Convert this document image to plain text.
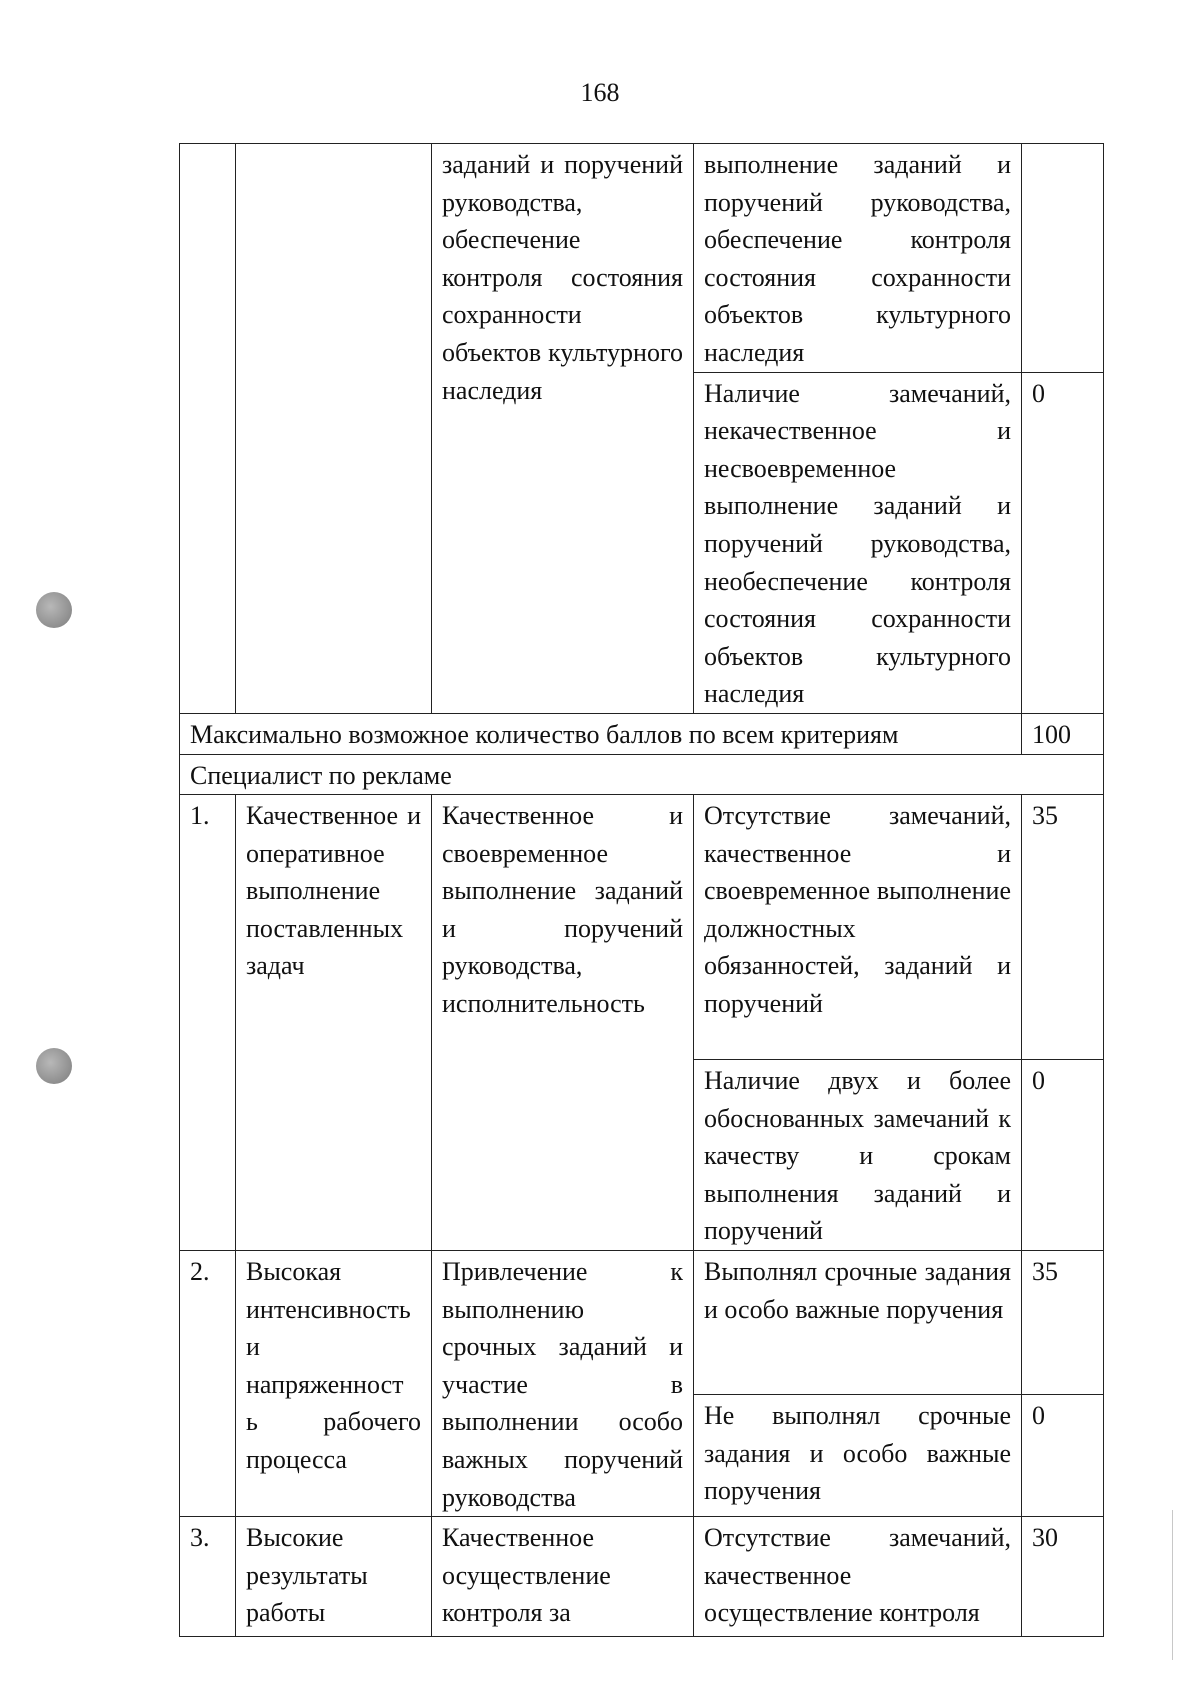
168
		заданий и поручений руководства, обеспечение контроля состояния сохранности объектов культурного наследия	выполнение заданий и поручений руководства, обеспечение контроля состояния сохранности объектов культурного наследия	
			Наличие замечаний, некачественное и несвоевременное выполнение заданий и поручений руководства, необеспечение контроля состояния сохранности объектов культурного наследия	0
Максимально возможное количество баллов по всем критериям				100
Специалист по рекламе				
1.	Качественное и оперативное выполнение поставленных задач	Качественное и своевременное выполнение заданий и поручений руководства, исполнительность	Отсутствие замечаний, качественное и своевременное выполнение должностных обязанностей, заданий и поручений	35
			Наличие двух и более обоснованных замечаний к качеству и срокам выполнения заданий и поручений	0
2.	Высокая интенсивность и напряженност ь рабочего процесса	Привлечение к выполнению срочных заданий и участие в выполнении особо важных поручений руководства	Выполнял срочные задания и особо важные поручения	35
			Не выполнял срочные задания и особо важные поручения	0
3.	Высокие результаты работы	Качественное осуществление контроля за	Отсутствие замечаний, качественное осуществление контроля	30
